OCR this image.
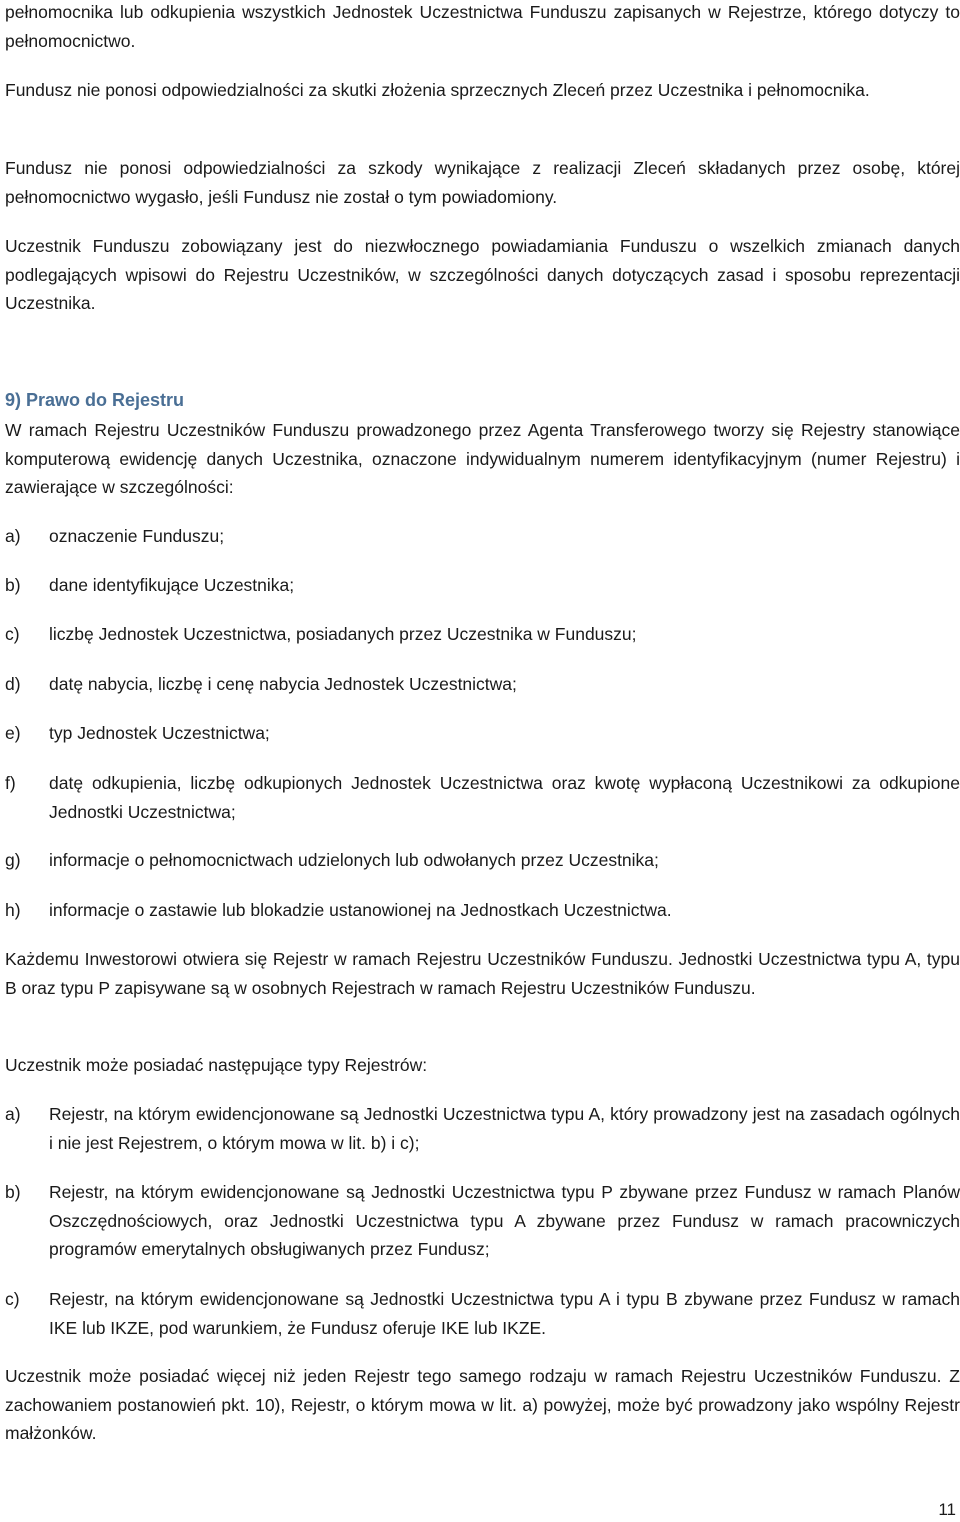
pełnomocnika lub odkupienia wszystkich Jednostek Uczestnictwa Funduszu zapisanych w Rejestrze, którego dotyczy to pełnomocnictwo.

Fundusz nie ponosi odpowiedzialności za skutki złożenia sprzecznych Zleceń przez Uczestnika i pełnomocnika.

Fundusz nie ponosi odpowiedzialności za szkody wynikające z realizacji Zleceń składanych przez osobę, której pełnomocnictwo wygasło, jeśli Fundusz nie został o tym powiadomiony.

Uczestnik Funduszu zobowiązany jest do niezwłocznego powiadamiania Funduszu o wszelkich zmianach danych podlegających wpisowi do Rejestru Uczestników, w szczególności danych dotyczących zasad i sposobu reprezentacji Uczestnika.

9) Prawo do Rejestru

W ramach Rejestru Uczestników Funduszu prowadzonego przez Agenta Transferowego tworzy się Rejestry stanowiące komputerową ewidencję danych Uczestnika, oznaczone indywidualnym numerem identyfikacyjnym (numer Rejestru) i zawierające w szczególności:

a)	oznaczenie Funduszu;
b)	dane identyfikujące Uczestnika;
c)	liczbę Jednostek Uczestnictwa, posiadanych przez Uczestnika w Funduszu;
d)	datę nabycia, liczbę i cenę nabycia Jednostek Uczestnictwa;
e)	typ Jednostek Uczestnictwa;
f)	datę odkupienia, liczbę odkupionych Jednostek Uczestnictwa oraz kwotę wypłaconą Uczestnikowi za odkupione Jednostki Uczestnictwa;
g)	informacje o pełnomocnictwach udzielonych lub odwołanych przez Uczestnika;
h)	informacje o zastawie lub blokadzie ustanowionej na Jednostkach Uczestnictwa.

Każdemu Inwestorowi otwiera się Rejestr w ramach Rejestru Uczestników Funduszu. Jednostki Uczestnictwa typu A, typu B oraz typu P zapisywane są w osobnych Rejestrach w ramach Rejestru Uczestników Funduszu.

Uczestnik może posiadać następujące typy Rejestrów:

a)	Rejestr, na którym ewidencjonowane są Jednostki Uczestnictwa typu A, który prowadzony jest na zasadach ogólnych i nie jest Rejestrem, o którym mowa w lit. b) i c);
b)	Rejestr, na którym ewidencjonowane są Jednostki Uczestnictwa typu P zbywane przez Fundusz w ramach Planów Oszczędnościowych, oraz Jednostki Uczestnictwa typu A zbywane przez Fundusz w ramach pracowniczych programów emerytalnych obsługiwanych przez Fundusz;
c)	Rejestr, na którym ewidencjonowane są Jednostki Uczestnictwa typu A i typu B zbywane przez Fundusz w ramach IKE lub IKZE, pod warunkiem, że Fundusz oferuje IKE lub IKZE.

Uczestnik może posiadać więcej niż jeden Rejestr tego samego rodzaju w ramach Rejestru Uczestników Funduszu. Z zachowaniem postanowień pkt. 10), Rejestr, o którym mowa w lit. a) powyżej, może być prowadzony jako wspólny Rejestr małżonków.

11
